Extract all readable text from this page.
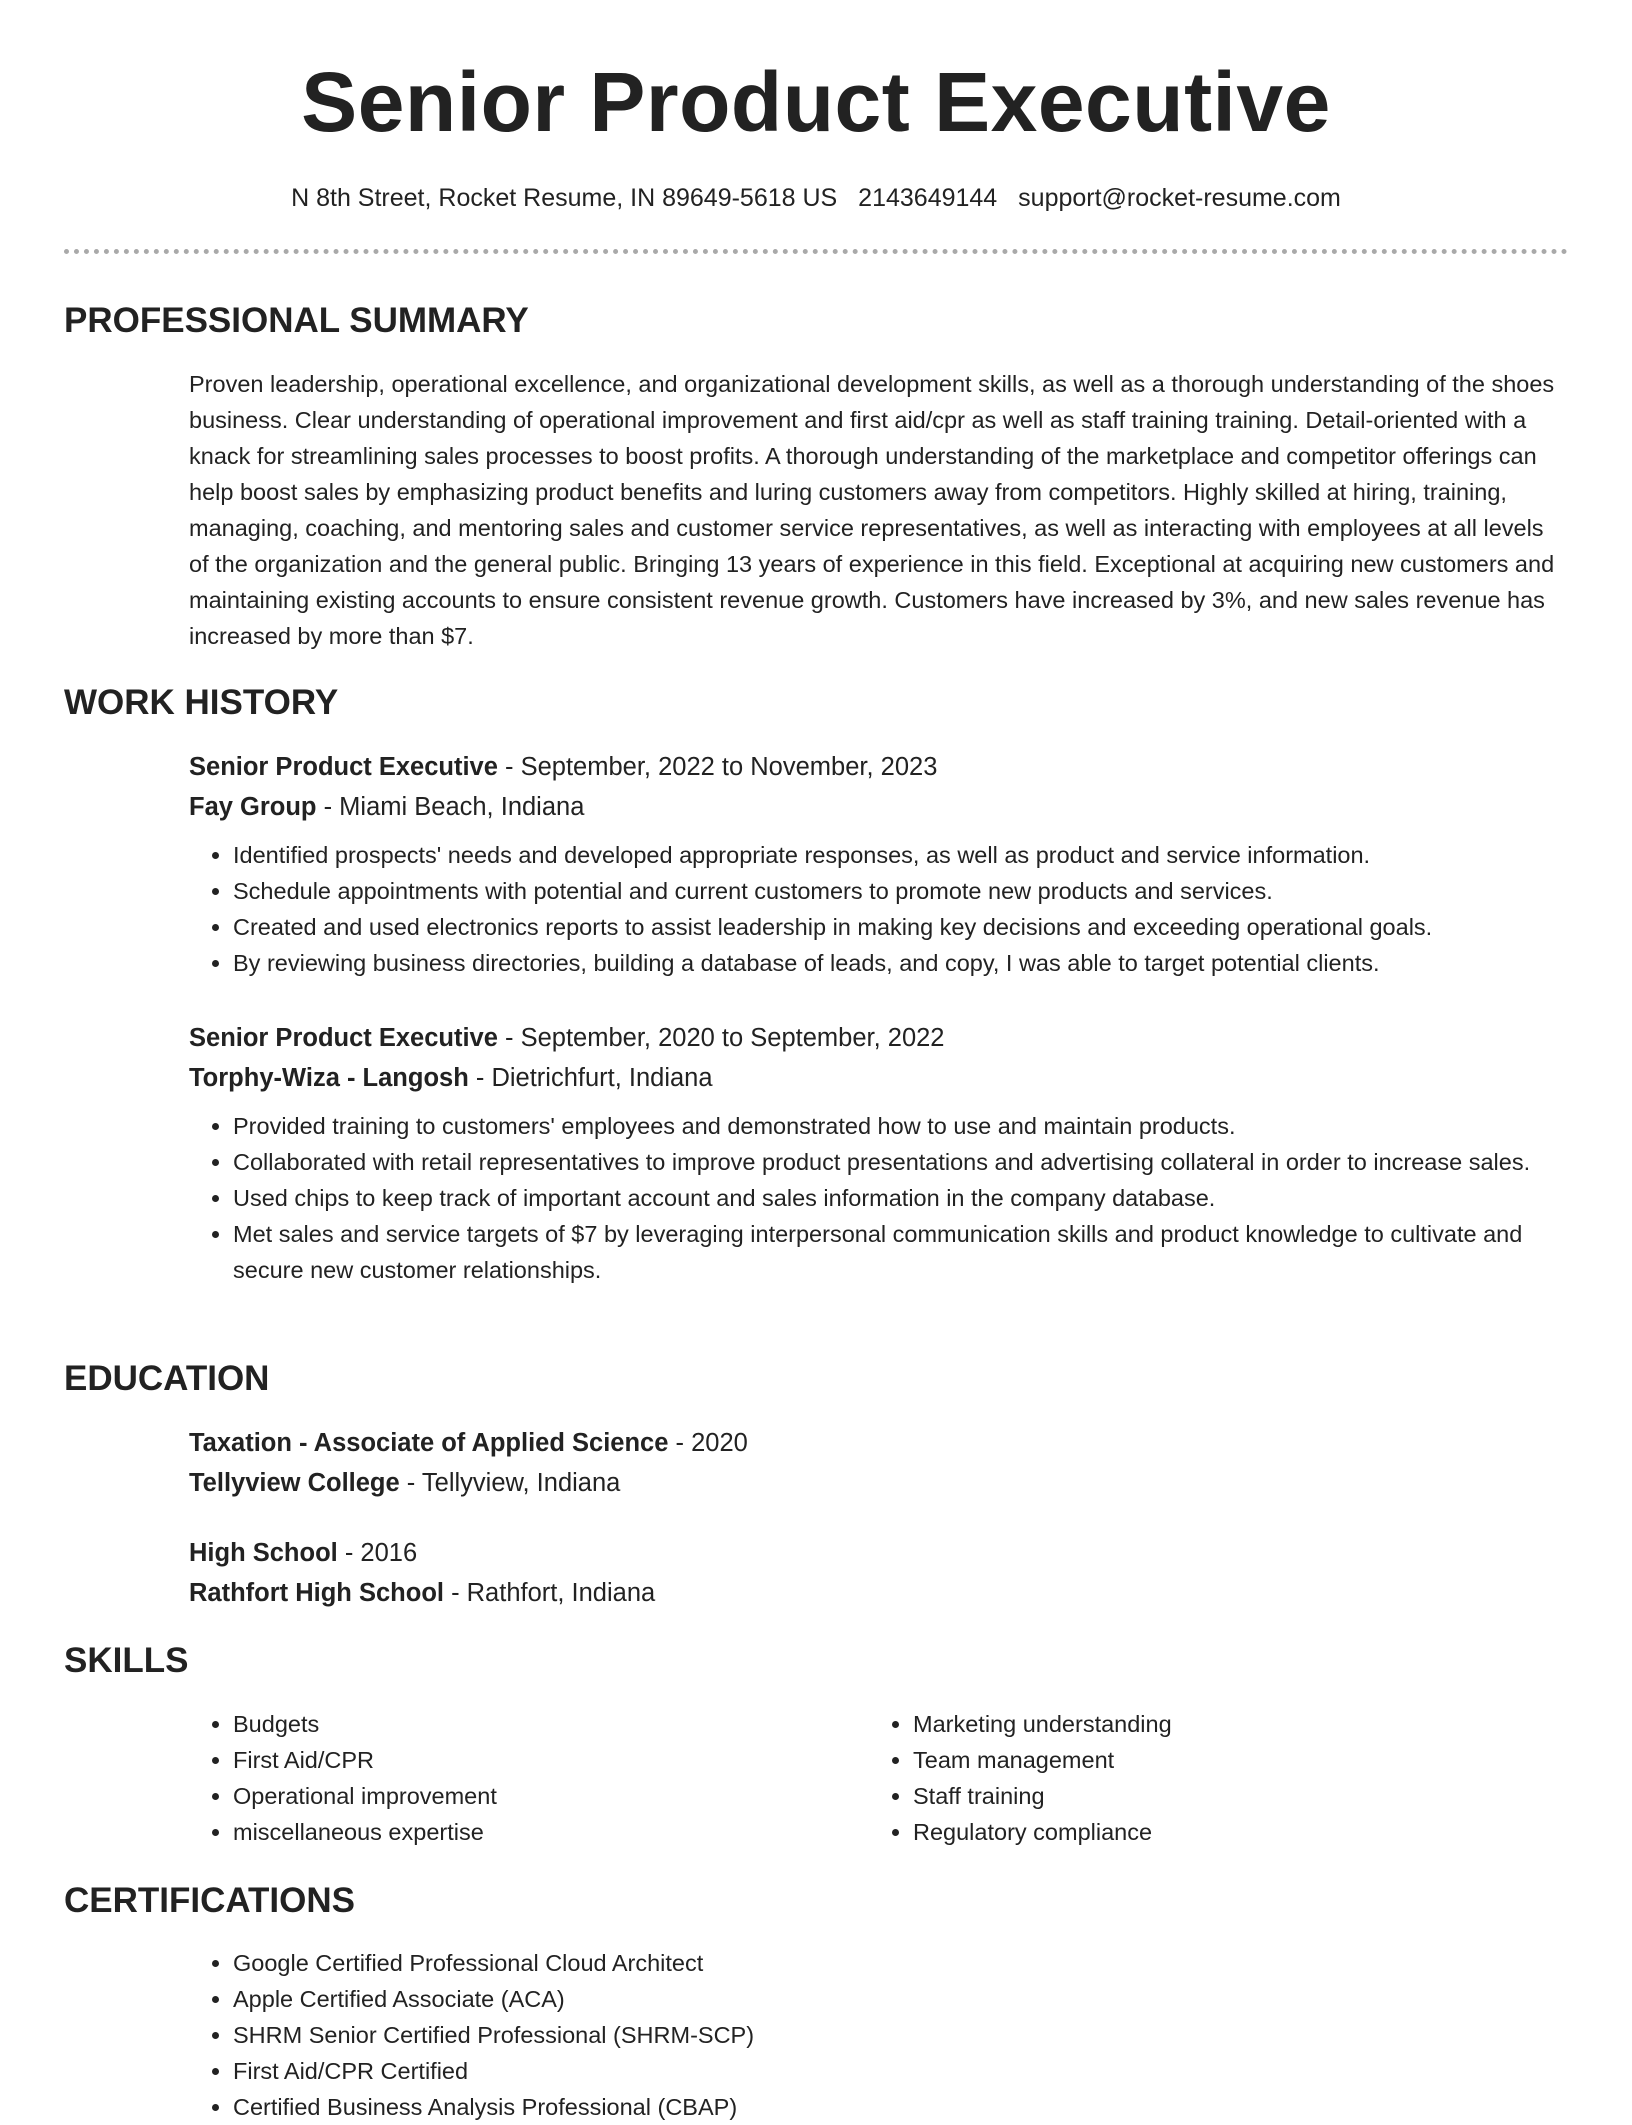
Senior Product Executive
N 8th Street, Rocket Resume, IN 89649-5618 US 2143649144 support@rocket-resume.com
PROFESSIONAL SUMMARY
Proven leadership, operational excellence, and organizational development skills, as well as a thorough understanding of the shoes business. Clear understanding of operational improvement and first aid/cpr as well as staff training training. Detail-oriented with a knack for streamlining sales processes to boost profits. A thorough understanding of the marketplace and competitor offerings can help boost sales by emphasizing product benefits and luring customers away from competitors. Highly skilled at hiring, training, managing, coaching, and mentoring sales and customer service representatives, as well as interacting with employees at all levels of the organization and the general public. Bringing 13 years of experience in this field. Exceptional at acquiring new customers and maintaining existing accounts to ensure consistent revenue growth. Customers have increased by 3%, and new sales revenue has increased by more than $7.
WORK HISTORY
Senior Product Executive - September, 2022 to November, 2023
Fay Group - Miami Beach, Indiana
• Identified prospects' needs and developed appropriate responses, as well as product and service information.
• Schedule appointments with potential and current customers to promote new products and services.
• Created and used electronics reports to assist leadership in making key decisions and exceeding operational goals.
• By reviewing business directories, building a database of leads, and copy, I was able to target potential clients.
Senior Product Executive - September, 2020 to September, 2022
Torphy-Wiza - Langosh - Dietrichfurt, Indiana
• Provided training to customers' employees and demonstrated how to use and maintain products.
• Collaborated with retail representatives to improve product presentations and advertising collateral in order to increase sales.
• Used chips to keep track of important account and sales information in the company database.
• Met sales and service targets of $7 by leveraging interpersonal communication skills and product knowledge to cultivate and secure new customer relationships.
EDUCATION
Taxation - Associate of Applied Science - 2020
Tellyview College - Tellyview, Indiana
High School - 2016
Rathfort High School - Rathfort, Indiana
SKILLS
• Budgets
• First Aid/CPR
• Operational improvement
• miscellaneous expertise
• Marketing understanding
• Team management
• Staff training
• Regulatory compliance
CERTIFICATIONS
• Google Certified Professional Cloud Architect
• Apple Certified Associate (ACA)
• SHRM Senior Certified Professional (SHRM-SCP)
• First Aid/CPR Certified
• Certified Business Analysis Professional (CBAP)
